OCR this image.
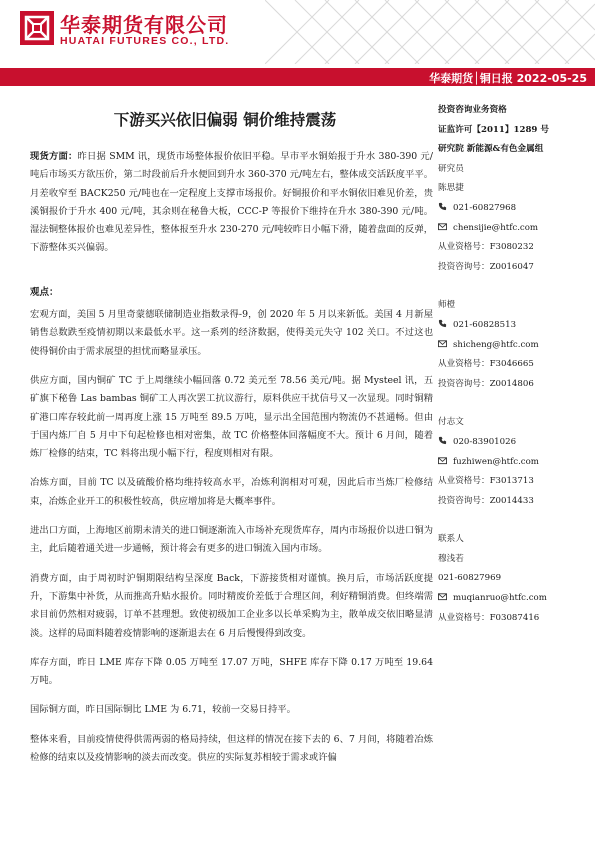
华泰期货有限公司
HUATAI FUTURES CO., LTD.
华泰期货│铜日报 2022-05-25
下游买兴依旧偏弱 铜价维持震荡

现货方面：昨日据 SMM 讯，现货市场整体报价依旧平稳。早市平水铜始报于升水 380-390 元/吨后市场买方欲压价，第二时段前后升水便回到升水 360-370 元/吨左右，整体成交活跃度平平。月差收窄至 BACK250 元/吨也在一定程度上支撑市场报价。好铜报价和平水铜依旧难见价差，贵溪铜报价于升水 400 元/吨，其余则在秘鲁大板，CCC-P 等报价下维持在升水 380-390 元/吨。湿法铜整体报价也难见差异性，整体报至升水 230-270 元/吨较昨日小幅下滑，随着盘面的反弹，下游整体买兴偏弱。

观点：

宏观方面，美国 5 月里奇蒙德联储制造业指数录得-9，创 2020 年 5 月以来新低。美国 4 月新屋销售总数跌至疫情初期以来最低水平。这一系列的经济数据，使得美元失守 102 关口。不过这也使得铜价由于需求展望的担忧而略显承压。

供应方面，国内铜矿 TC 于上周继续小幅回落 0.72 美元至 78.56 美元/吨。据 Mysteel 讯，五矿旗下秘鲁 Las bambas 铜矿工人再次罢工抗议游行，原料供应干扰信号又一次显现。同时铜精矿港口库存较此前一周再度上涨 15 万吨至 89.5 万吨，显示出全国范围内物流仍不甚通畅。但由于国内炼厂自 5 月中下旬起检修也相对密集，故 TC 价格整体回落幅度不大。预计 6 月间，随着炼厂检修的结束，TC 料将出现小幅下行，程度则相对有限。

冶炼方面，目前 TC 以及硫酸价格均维持较高水平，冶炼利润相对可观，因此后市当炼厂检修结束，冶炼企业开工的积极性较高，供应增加将是大概率事件。

进出口方面，上海地区前期未清关的进口铜逐渐流入市场补充现货库存，周内市场报价以进口铜为主，此后随着通关进一步通畅，预计将会有更多的进口铜流入国内市场。

消费方面，由于周初时沪铜期限结构呈深度 Back，下游接货相对谨慎。换月后，市场活跃度提升，下游集中补货，从而推高升贴水报价。同时精废价差低于合理区间，利好精铜消费。但终端需求目前仍然相对疲弱，订单不甚理想。致使初级加工企业多以长单采购为主，散单成交依旧略显清淡。这样的局面料随着疫情影响的逐渐退去在 6 月后慢慢得到改变。

库存方面，昨日 LME 库存下降 0.05 万吨至 17.07 万吨，SHFE 库存下降 0.17 万吨至 19.64 万吨。

国际铜方面，昨日国际铜比 LME 为 6.71，较前一交易日持平。

整体来看，目前疫情使得供需两弱的格局持续，但这样的情况在接下去的 6、7 月间，将随着冶炼检修的结束以及疫情影响的淡去而改变。供应的实际复苏相较于需求或许偏

投资咨询业务资格
证监许可【2011】1289 号
研究院 新能源&有色金属组
研究员
陈思捷
021-60827968
chensijie@htfc.com
从业资格号：F3080232
投资咨询号：Z0016047
师橙
021-60828513
shicheng@htfc.com
从业资格号：F3046665
投资咨询号：Z0014806
付志文
020-83901026
fuzhiwen@htfc.com
从业资格号：F3013713
投资咨询号：Z0014433
联系人
穆浅若
021-60827969
muqianruo@htfc.com
从业资格号：F03087416
